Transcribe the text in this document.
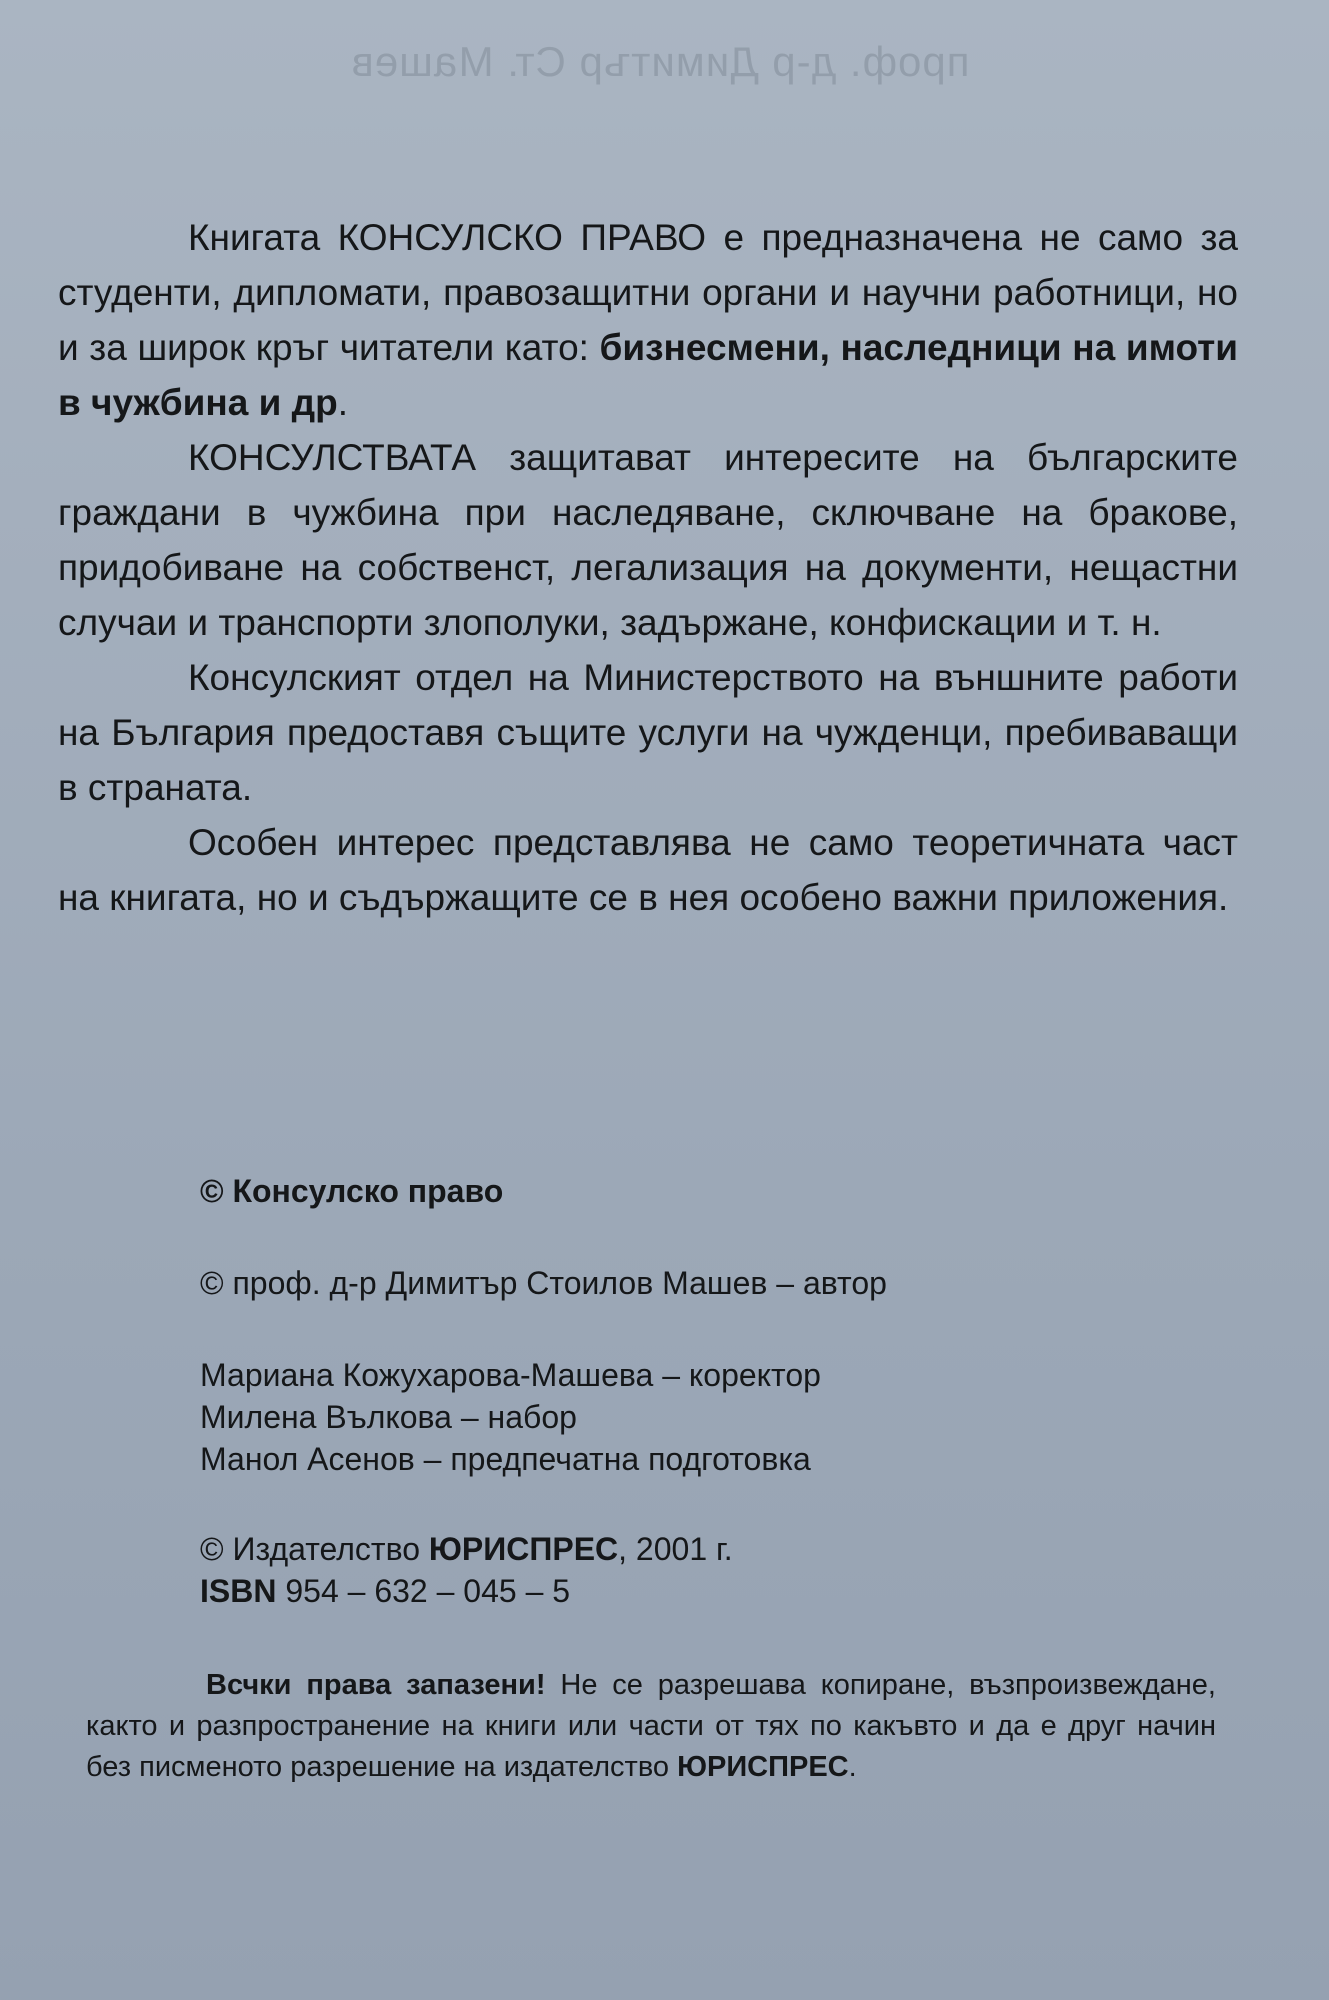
проф. д-р Димитър Ст. Машев

Книгата КОНСУЛСКО ПРАВО е предназначена не само за студенти, дипломати, правозащитни органи и научни работници, но и за широк кръг читатели като: бизнесмени, наследници на имоти в чужбина и др.

КОНСУЛСТВАТА защитават интересите на българските граждани в чужбина при наследяване, сключване на бракове, придобиване на собственст, легализация на документи, нещастни случаи и транспорти злополуки, задържане, конфискации и т. н.

Консулският отдел на Министерството на външните работи на България предоставя същите услуги на чужденци, пребиваващи в страната.

Особен интерес представлява не само теоретичната част на книгата, но и съдържащите се в нея особено важни приложения.

© Консулско право
© проф. д-р Димитър Стоилов Машев – автор
Мариана Кожухарова-Машева – коректор
Милена Вълкова – набор
Манол Асенов – предпечатна подготовка
© Издателство ЮРИСПРЕС, 2001 г.
ISBN 954 – 632 – 045 – 5

Всчки права запазени! Не се разрешава копиране, възпроизвеждане, както и разпространение на книги или части от тях по какъвто и да е друг начин без писменото разрешение на издателство ЮРИСПРЕС.
